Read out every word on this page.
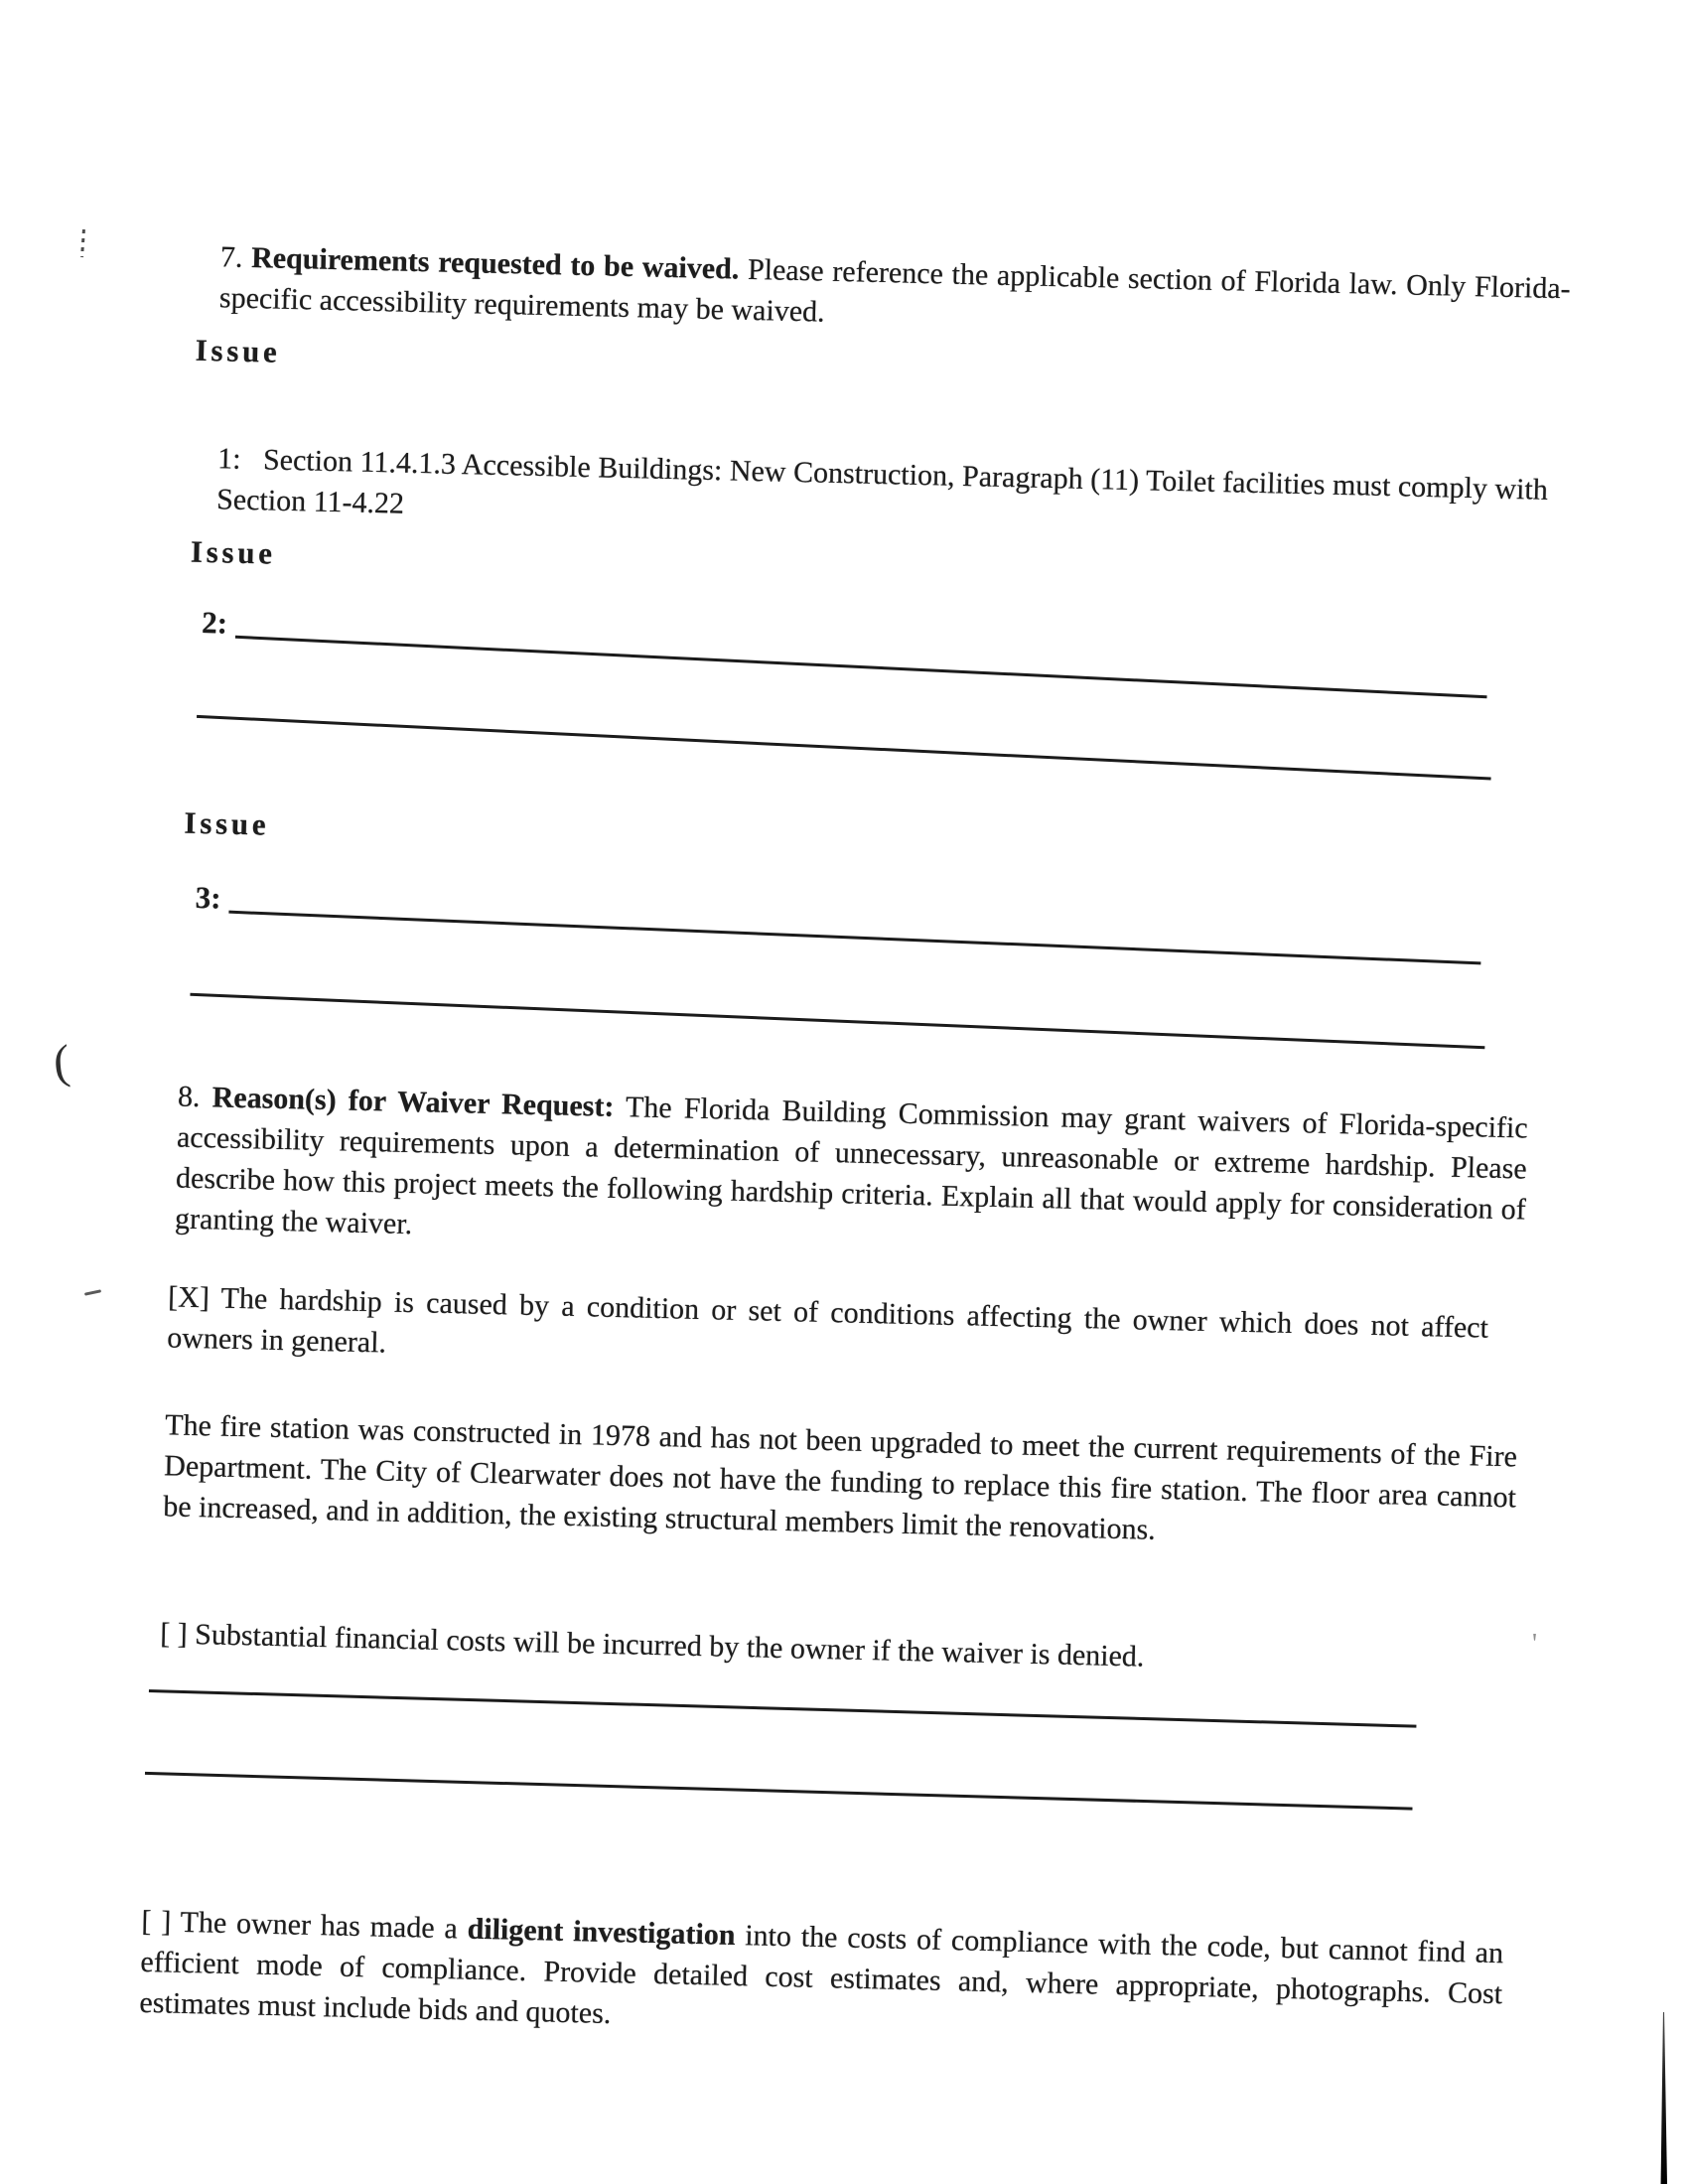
7. Requirements requested to be waived. Please reference the applicable section of Florida law. Only Florida-specific accessibility requirements may be waived.

Issue

1: Section 11.4.1.3 Accessible Buildings: New Construction, Paragraph (11) Toilet facilities must comply with Section 11-4.22

Issue
2:
Issue
3:

8. Reason(s) for Waiver Request: The Florida Building Commission may grant waivers of Florida-specific accessibility requirements upon a determination of unnecessary, unreasonable or extreme hardship. Please describe how this project meets the following hardship criteria. Explain all that would apply for consideration of granting the waiver.

[X] The hardship is caused by a condition or set of conditions affecting the owner which does not affect owners in general.

The fire station was constructed in 1978 and has not been upgraded to meet the current requirements of the Fire Department. The City of Clearwater does not have the funding to replace this fire station. The floor area cannot be increased, and in addition, the existing structural members limit the renovations.

[ ] Substantial financial costs will be incurred by the owner if the waiver is denied.

[ ] The owner has made a diligent investigation into the costs of compliance with the code, but cannot find an efficient mode of compliance. Provide detailed cost estimates and, where appropriate, photographs. Cost estimates must include bids and quotes.

(
'
